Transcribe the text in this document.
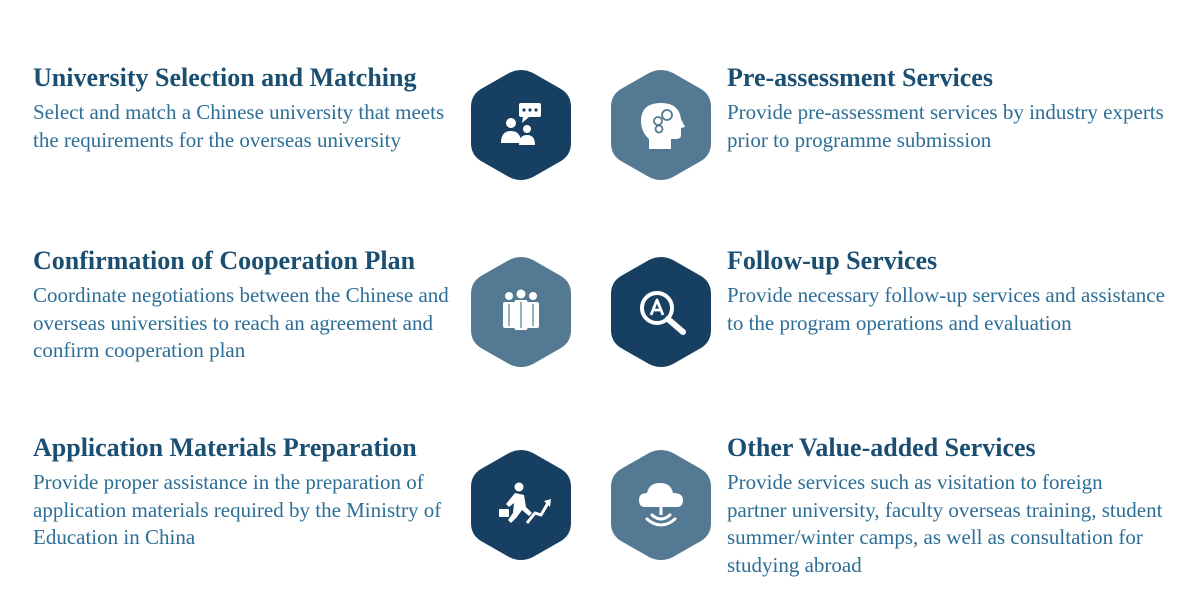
University Selection and Matching

Select and match a Chinese university that meets the requirements for the overseas university

Pre-assessment Services

Provide pre-assessment services by industry experts prior to programme submission

Confirmation of Cooperation Plan

Coordinate negotiations between the Chinese and overseas universities to reach an agreement and confirm cooperation plan

Follow-up Services

Provide necessary follow-up services and assistance to the program operations and evaluation

Application Materials Preparation

Provide proper assistance in the preparation of application materials required by the Ministry of Education in China

Other Value-added Services

Provide services such as visitation to foreign partner university, faculty overseas training, student summer/winter camps, as well as consultation for studying abroad
